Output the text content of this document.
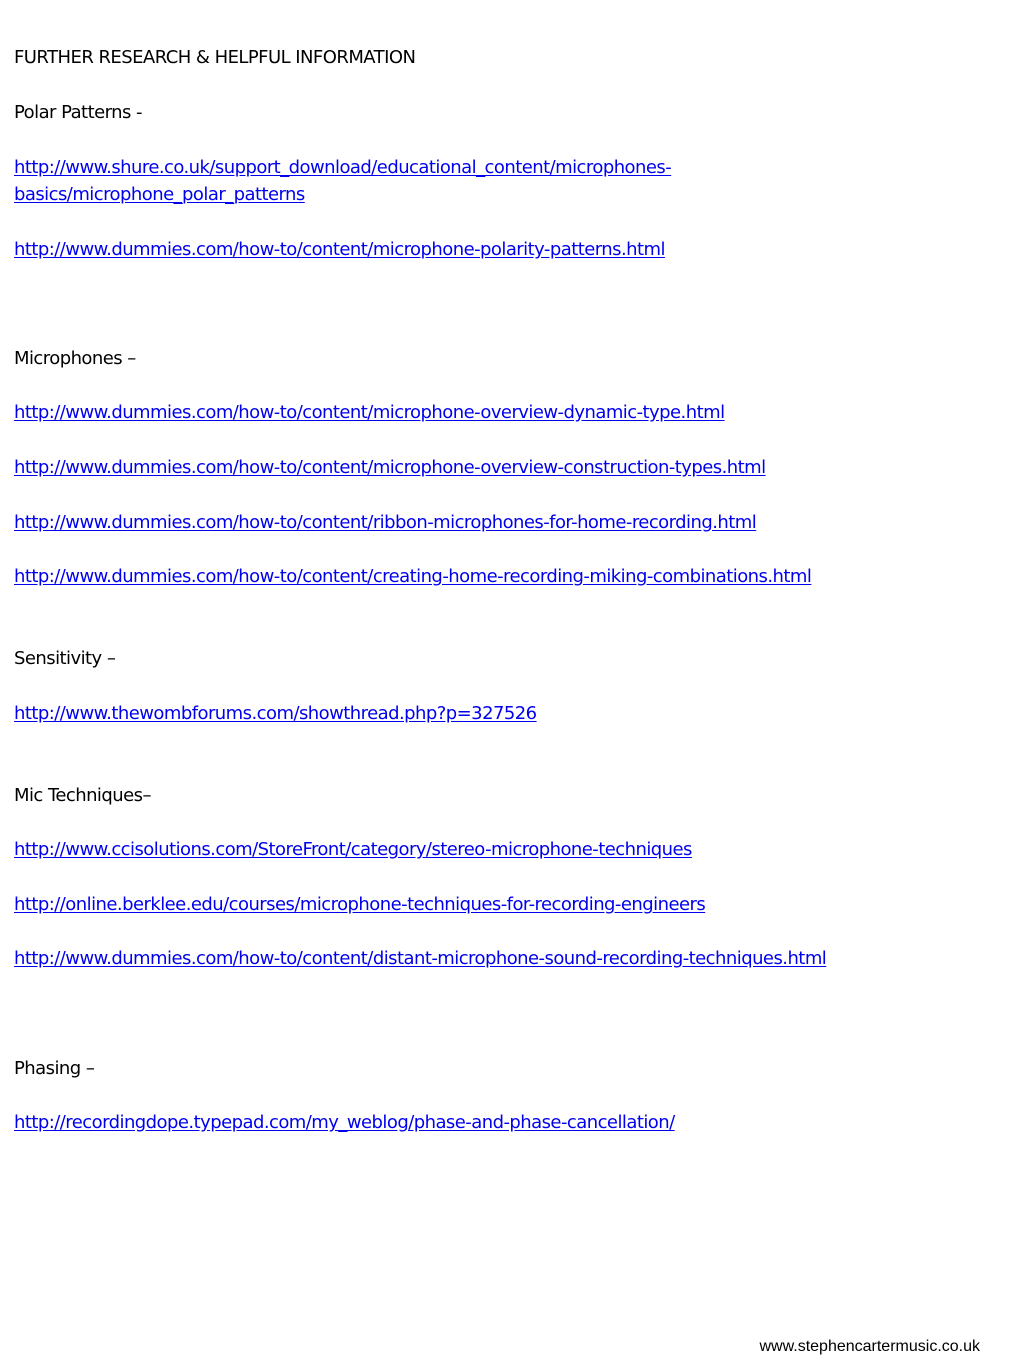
FURTHER RESEARCH & HELPFUL INFORMATION
Polar Patterns -
http://www.shure.co.uk/support_download/educational_content/microphones-
basics/microphone_polar_patterns
http://www.dummies.com/how-to/content/microphone-polarity-patterns.html
Microphones –
http://www.dummies.com/how-to/content/microphone-overview-dynamic-type.html
http://www.dummies.com/how-to/content/microphone-overview-construction-types.html
http://www.dummies.com/how-to/content/ribbon-microphones-for-home-recording.html
http://www.dummies.com/how-to/content/creating-home-recording-miking-combinations.html
Sensitivity –
http://www.thewombforums.com/showthread.php?p=327526
Mic Techniques–
http://www.ccisolutions.com/StoreFront/category/stereo-microphone-techniques
http://online.berklee.edu/courses/microphone-techniques-for-recording-engineers
http://www.dummies.com/how-to/content/distant-microphone-sound-recording-techniques.html
Phasing –
http://recordingdope.typepad.com/my_weblog/phase-and-phase-cancellation/
www.stephencartermusic.co.uk
